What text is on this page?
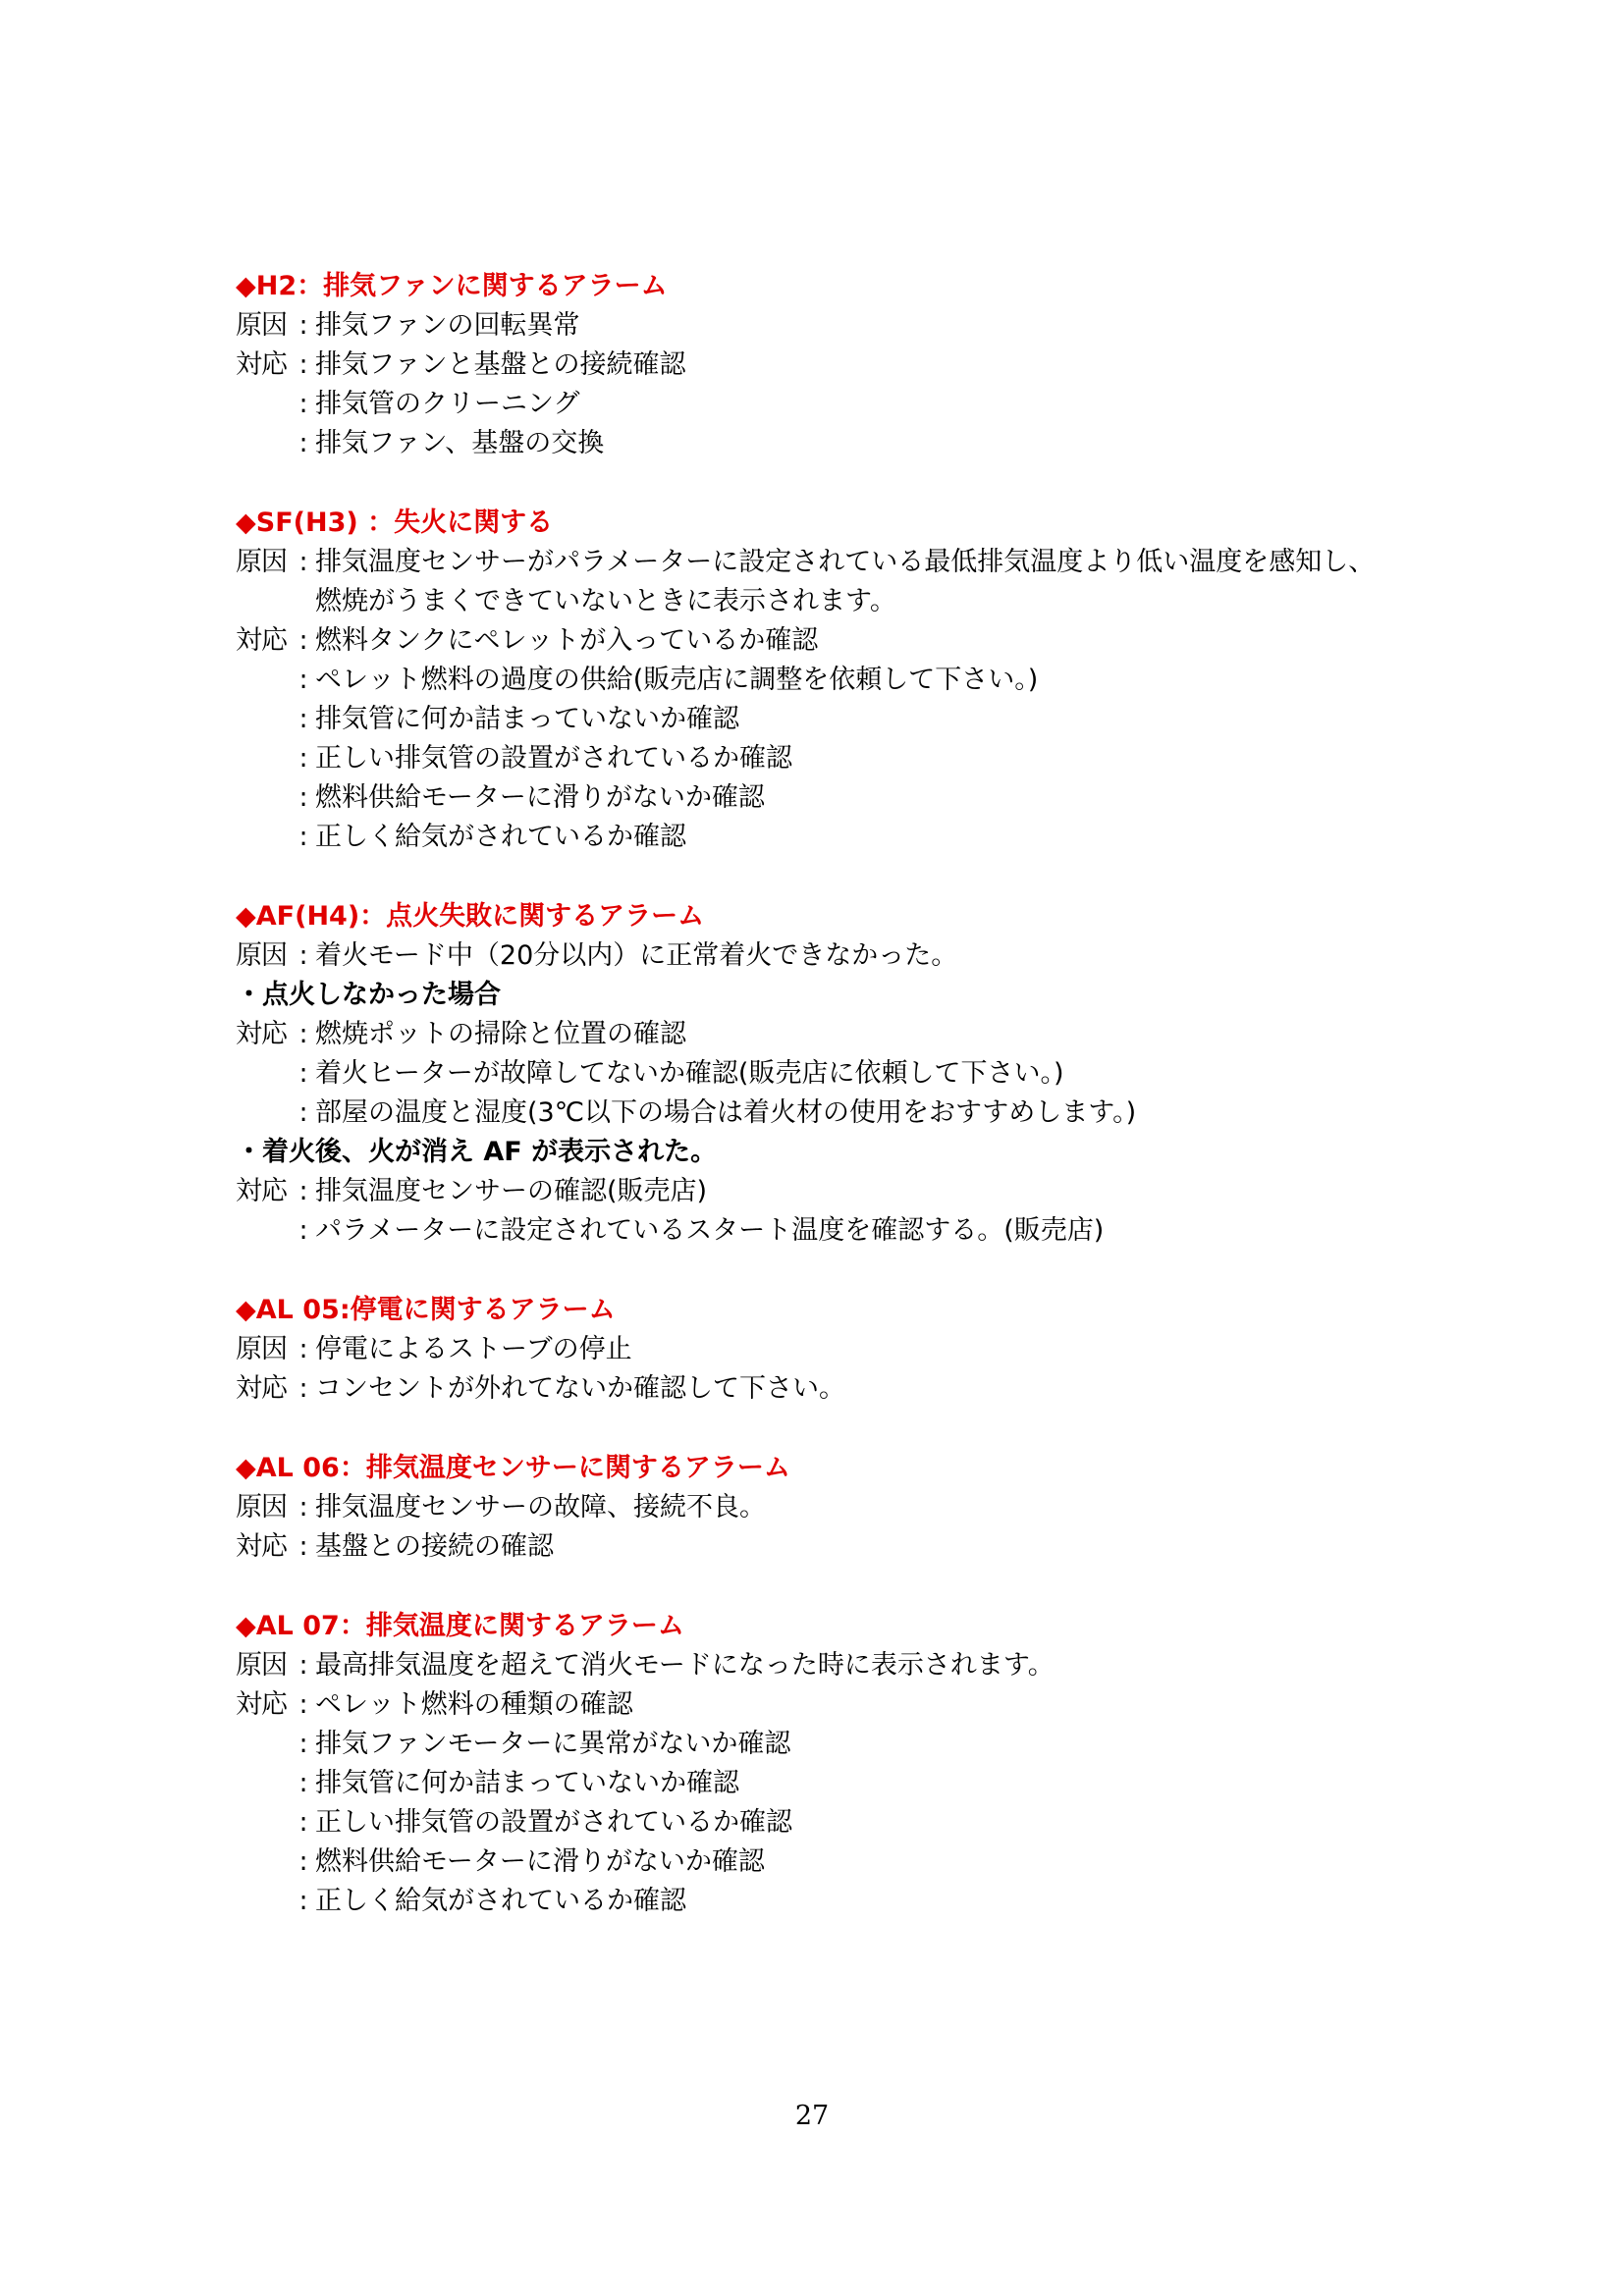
◆H2：排気ファンに関するアラーム
原因 : 排気ファンの回転異常
対応 : 排気ファンと基盤との接続確認
: 排気管のクリーニング
: 排気ファン、基盤の交換
◆SF(H3) ：失火に関する
原因 : 排気温度センサーがパラメーターに設定されている最低排気温度より低い温度を感知し、
燃焼がうまくできていないときに表示されます。
対応 : 燃料タンクにペレットが入っているか確認
: ペレット燃料の過度の供給(販売店に調整を依頼して下さい。)
: 排気管に何か詰まっていないか確認
: 正しい排気管の設置がされているか確認
: 燃料供給モーターに滑りがないか確認
: 正しく給気がされているか確認
◆AF(H4)：点火失敗に関するアラーム
原因 : 着火モード中（20分以内）に正常着火できなかった。
・点火しなかった場合
対応 : 燃焼ポットの掃除と位置の確認
: 着火ヒーターが故障してないか確認(販売店に依頼して下さい。)
: 部屋の温度と湿度(3℃以下の場合は着火材の使用をおすすめします。)
・着火後、火が消え AF が表示された。
対応 : 排気温度センサーの確認(販売店)
: パラメーターに設定されているスタート温度を確認する。(販売店)
◆AL 05:停電に関するアラーム
原因 : 停電によるストーブの停止
対応 : コンセントが外れてないか確認して下さい。
◆AL 06：排気温度センサーに関するアラーム
原因 : 排気温度センサーの故障、接続不良。
対応 : 基盤との接続の確認
◆AL 07：排気温度に関するアラーム
原因 : 最高排気温度を超えて消火モードになった時に表示されます。
対応 : ペレット燃料の種類の確認
: 排気ファンモーターに異常がないか確認
: 排気管に何か詰まっていないか確認
: 正しい排気管の設置がされているか確認
: 燃料供給モーターに滑りがないか確認
: 正しく給気がされているか確認
27
